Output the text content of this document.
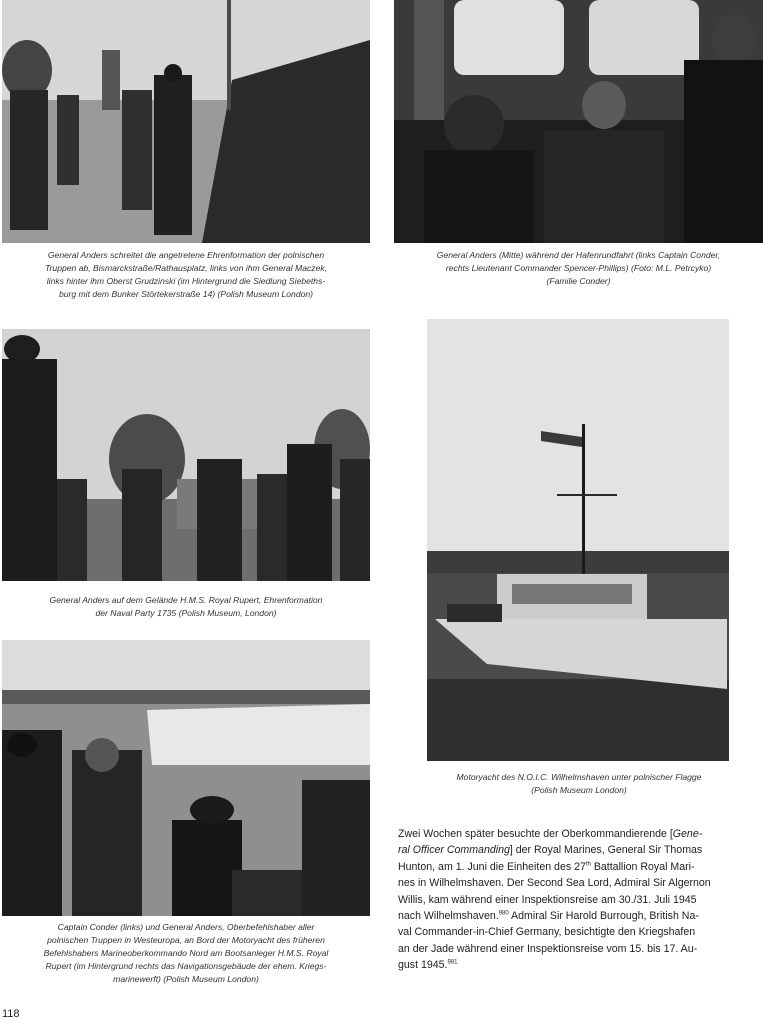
General Anders schreitet die angetretene Ehrenformation der polnischen
Truppen ab, Bismarckstraße/Rathausplatz, links von ihm General Maczek,
links hinter ihm Oberst Grudzinski (im Hintergrund die Siedlung Siebeths-
burg mit dem Bunker Störtekerstraße 14) (Polish Museum London)
General Anders (Mitte) während der Hafenrundfahrt (links Captain Conder,
rechts Lieutenant Commander Spencer-Phillips) (Foto: M.L. Petrcyko)
(Familie Conder)
General Anders auf dem Gelände H.M.S. Royal Rupert, Ehrenformation
der Naval Party 1735 (Polish Museum, London)
Motoryacht des N.O.I.C. Wilhelmshaven unter polnischer Flagge
(Polish Museum London)
Captain Conder (links) und General Anders, Oberbefehlshaber aller
polnischen Truppen in Westeuropa, an Bord der Motoryacht des früheren
Befehlshabers Marineoberkommando Nord am Bootsanleger H.M.S. Royal
Rupert (im Hintergrund rechts das Navigationsgebäude der ehem. Kriegs-
marinewerft) (Polish Museum London)
Zwei Wochen später besuchte der Oberkommandierende [Gene-
ral Officer Commanding] der Royal Marines, General Sir Thomas
Hunton, am 1. Juni die Einheiten des 27th Battallion Royal Mari-
nes in Wilhelmshaven. Der Second Sea Lord, Admiral Sir Algernon
Willis, kam während einer Inspektionsreise am 30./31. Juli 1945
nach Wilhelmshaven.$^{980}$ Admiral Sir Harold Burrough, British Na-
val Commander-in-Chief Germany, besichtigte den Kriegshafen
an der Jade während einer Inspektionsreise vom 15. bis 17. Au-
gust 1945.$^{981}$
118
